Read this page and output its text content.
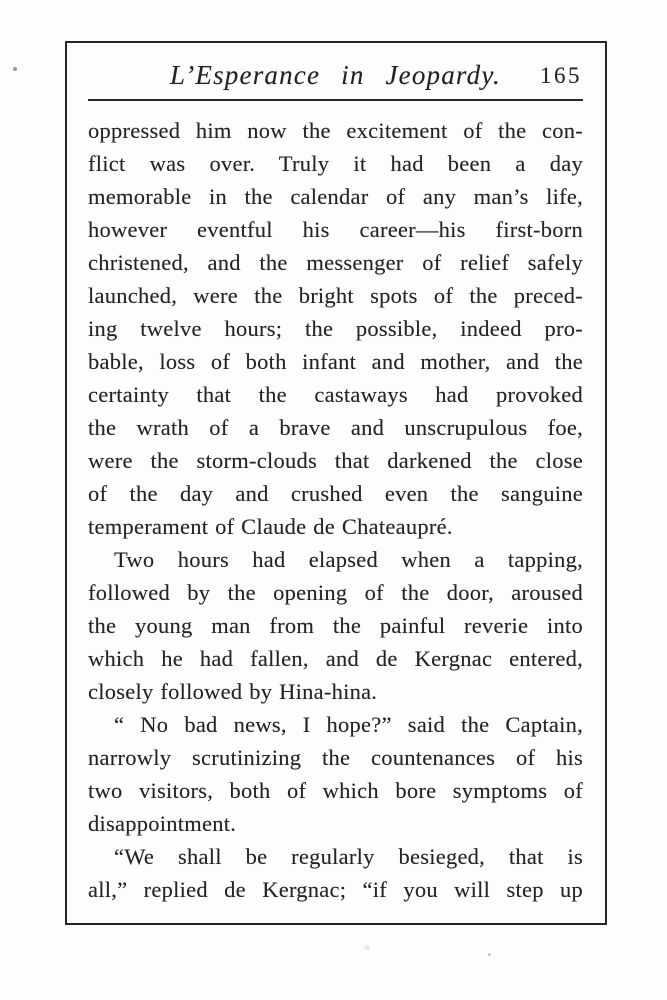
L’Esperance in Jeopardy.	165
oppressed him now the excitement of the con-
flict was over. Truly it had been a day
memorable in the calendar of any man’s life,
however eventful his career—his first-born
christened, and the messenger of relief safely
launched, were the bright spots of the preced-
ing twelve hours; the possible, indeed pro-
bable, loss of both infant and mother, and the
certainty that the castaways had provoked
the wrath of a brave and unscrupulous foe,
were the storm-clouds that darkened the close
of the day and crushed even the sanguine
temperament of Claude de Chateaupré.
Two hours had elapsed when a tapping,
followed by the opening of the door, aroused
the young man from the painful reverie into
which he had fallen, and de Kergnac entered,
closely followed by Hina-hina.
“ No bad news, I hope?” said the Captain,
narrowly scrutinizing the countenances of his
two visitors, both of which bore symptoms of
disappointment.
“We shall be regularly besieged, that is
all,” replied de Kergnac; “if you will step up
